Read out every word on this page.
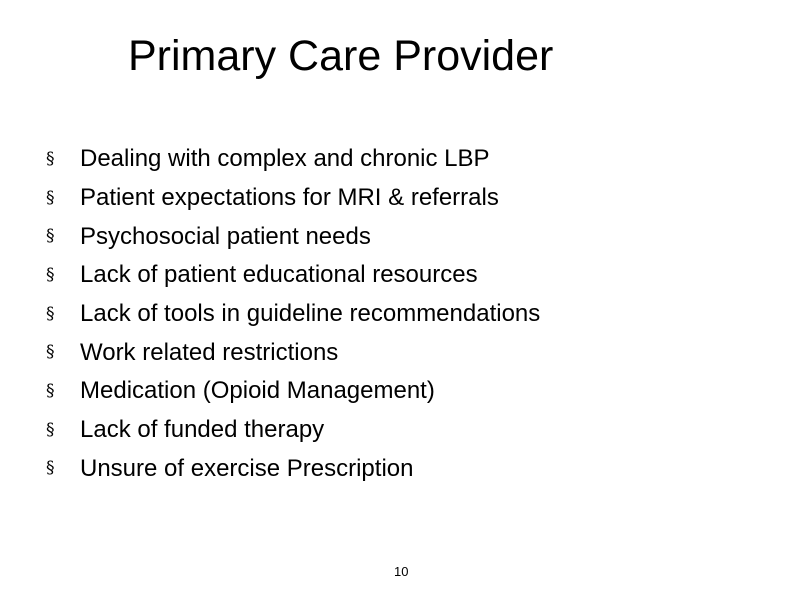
Primary Care Provider
§	Dealing with complex and chronic LBP
§	Patient expectations for MRI & referrals
§	Psychosocial patient needs
§	Lack of patient educational resources
§	Lack of tools in guideline recommendations
§	Work related restrictions
§	Medication (Opioid Management)
§	Lack of funded therapy
§	Unsure of exercise Prescription
10
